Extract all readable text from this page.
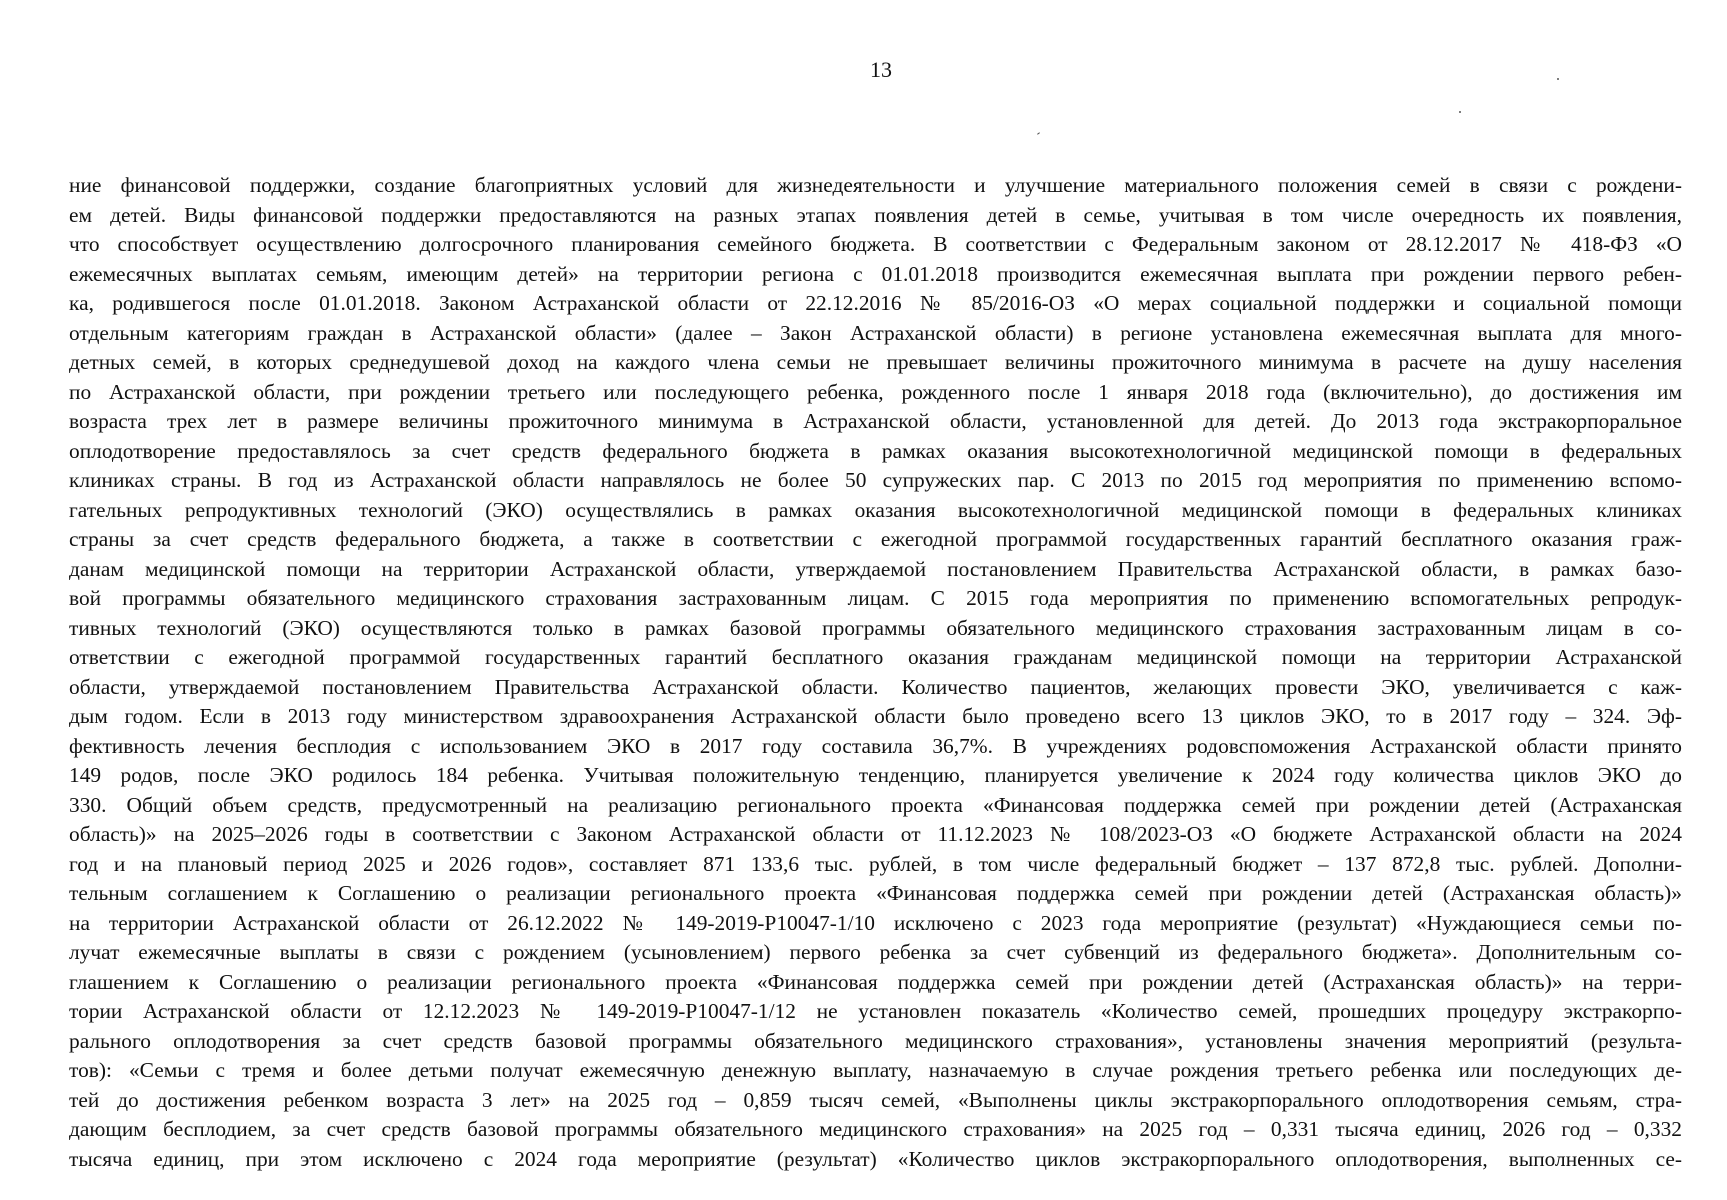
13
ние финансовой поддержки, создание благоприятных условий для жизнедеятельности и улучшение материального положения семей в связи с рождени-
ем детей. Виды финансовой поддержки предоставляются на разных этапах появления детей в семье, учитывая в том числе очередность их появления,
что способствует осуществлению долгосрочного планирования семейного бюджета. В соответствии с Федеральным законом от 28.12.2017 № 418-ФЗ «О
ежемесячных выплатах семьям, имеющим детей» на территории региона с 01.01.2018 производится ежемесячная выплата при рождении первого ребен-
ка, родившегося после 01.01.2018. Законом Астраханской области от 22.12.2016 № 85/2016-ОЗ «О мерах социальной поддержки и социальной помощи
отдельным категориям граждан в Астраханской области» (далее – Закон Астраханской области) в регионе установлена ежемесячная выплата для много-
детных семей, в которых среднедушевой доход на каждого члена семьи не превышает величины прожиточного минимума в расчете на душу населения
по Астраханской области, при рождении третьего или последующего ребенка, рожденного после 1 января 2018 года (включительно), до достижения им
возраста трех лет в размере величины прожиточного минимума в Астраханской области, установленной для детей. До 2013 года экстракорпоральное
оплодотворение предоставлялось за счет средств федерального бюджета в рамках оказания высокотехнологичной медицинской помощи в федеральных
клиниках страны. В год из Астраханской области направлялось не более 50 супружеских пар. С 2013 по 2015 год мероприятия по применению вспомо-
гательных репродуктивных технологий (ЭКО) осуществлялись в рамках оказания высокотехнологичной медицинской помощи в федеральных клиниках
страны за счет средств федерального бюджета, а также в соответствии с ежегодной программой государственных гарантий бесплатного оказания граж-
данам медицинской помощи на территории Астраханской области, утверждаемой постановлением Правительства Астраханской области, в рамках базо-
вой программы обязательного медицинского страхования застрахованным лицам. С 2015 года мероприятия по применению вспомогательных репродук-
тивных технологий (ЭКО) осуществляются только в рамках базовой программы обязательного медицинского страхования застрахованным лицам в со-
ответствии с ежегодной программой государственных гарантий бесплатного оказания гражданам медицинской помощи на территории Астраханской
области, утверждаемой постановлением Правительства Астраханской области. Количество пациентов, желающих провести ЭКО, увеличивается с каж-
дым годом. Если в 2013 году министерством здравоохранения Астраханской области было проведено всего 13 циклов ЭКО, то в 2017 году – 324. Эф-
фективность лечения бесплодия с использованием ЭКО в 2017 году составила 36,7%. В учреждениях родовспоможения Астраханской области принято
149 родов, после ЭКО родилось 184 ребенка. Учитывая положительную тенденцию, планируется увеличение к 2024 году количества циклов ЭКО до
330. Общий объем средств, предусмотренный на реализацию регионального проекта «Финансовая поддержка семей при рождении детей (Астраханская
область)» на 2025–2026 годы в соответствии с Законом Астраханской области от 11.12.2023 № 108/2023-ОЗ «О бюджете Астраханской области на 2024
год и на плановый период 2025 и 2026 годов», составляет 871 133,6 тыс. рублей, в том числе федеральный бюджет – 137 872,8 тыс. рублей. Дополни-
тельным соглашением к Соглашению о реализации регионального проекта «Финансовая поддержка семей при рождении детей (Астраханская область)»
на территории Астраханской области от 26.12.2022 № 149-2019-Р10047-1/10 исключено с 2023 года мероприятие (результат) «Нуждающиеся семьи по-
лучат ежемесячные выплаты в связи с рождением (усыновлением) первого ребенка за счет субвенций из федерального бюджета». Дополнительным со-
глашением к Соглашению о реализации регионального проекта «Финансовая поддержка семей при рождении детей (Астраханская область)» на терри-
тории Астраханской области от 12.12.2023 № 149-2019-Р10047-1/12 не установлен показатель «Количество семей, прошедших процедуру экстракорпо-
рального оплодотворения за счет средств базовой программы обязательного медицинского страхования», установлены значения мероприятий (результа-
тов): «Семьи с тремя и более детьми получат ежемесячную денежную выплату, назначаемую в случае рождения третьего ребенка или последующих де-
тей до достижения ребенком возраста 3 лет» на 2025 год – 0,859 тысяч семей, «Выполнены циклы экстракорпорального оплодотворения семьям, стра-
дающим бесплодием, за счет средств базовой программы обязательного медицинского страхования» на 2025 год – 0,331 тысяча единиц, 2026 год – 0,332
тысяча единиц, при этом исключено с 2024 года мероприятие (результат) «Количество циклов экстракорпорального оплодотворения, выполненных се-
